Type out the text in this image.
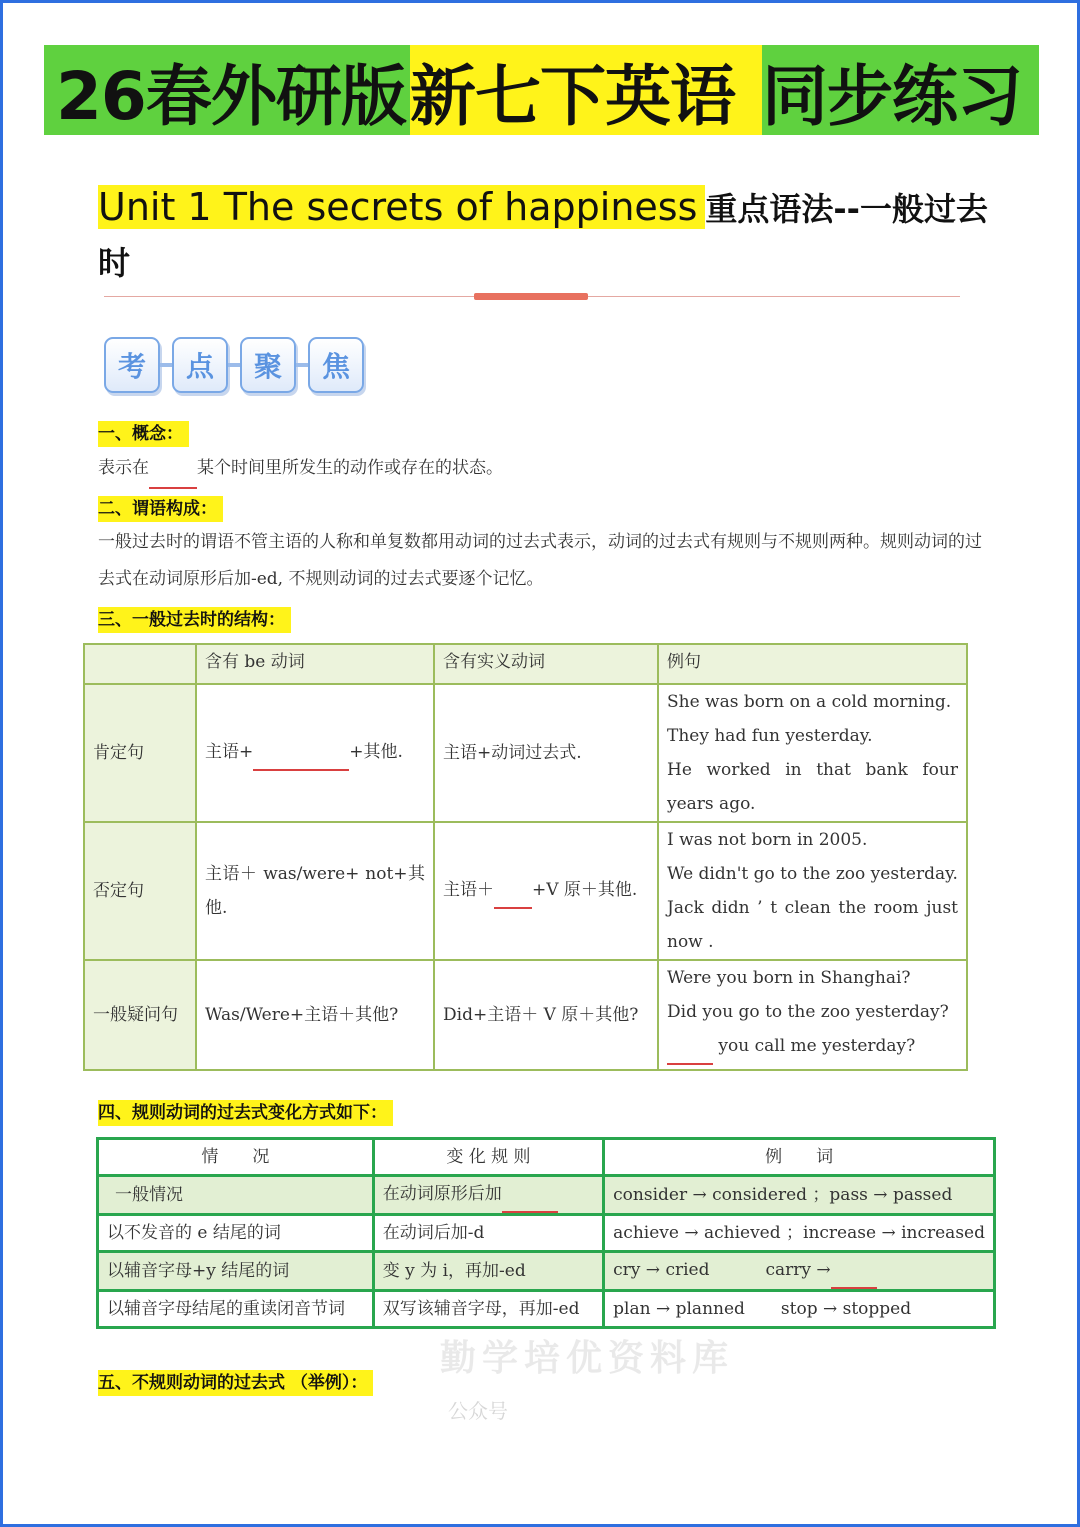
26春外研版 新七下英语 同步练习
Unit 1 The secrets of happiness 重点语法--一般过去时
考	点	聚	焦
一、概念：
表示在	某个时间里所发生的动作或存在的状态。
二、谓语构成：
一般过去时的谓语不管主语的人称和单复数都用动词的过去式表示，动词的过去式有规则与不规则两种。规则动词的过去式在动词原形后加-ed, 不规则动词的过去式要逐个记忆。
三、一般过去时的结构：
	含有 be 动词	含有实义动词	例句
肯定句	主语+ +其他.	主语+动词过去式.	She was born on a cold morning.
They had fun yesterday.
He worked in that bank four years ago.

否定句	主语＋ was/were+ not+其他.	主语＋ +V 原＋其他.	I was not born in 2005.
We didn't go to the zoo yesterday.
Jack didn ’ t clean the room just now .

一般疑问句	Was/Were+主语＋其他?	Did+主语＋ V 原＋其他?	Were you born in Shanghai?
Did you go to the zoo yesterday?
you call me yesterday?
四、规则动词的过去式变化方式如下：
情　　况	变 化 规 则	例　　词
一般情况	在动词原形后加	consider → considered ；pass → passed
以不发音的 e 结尾的词	在动词后加-d	achieve → achieved ；increase → increased
以辅音字母+y 结尾的词	变 y 为 i，再加-ed	cry → cried carry →
以辅音字母结尾的重读闭音节词	双写该辅音字母，再加-ed	plan → planned stop → stopped
五、不规则动词的过去式 （举例）：
勤学培优资料库
公众号
